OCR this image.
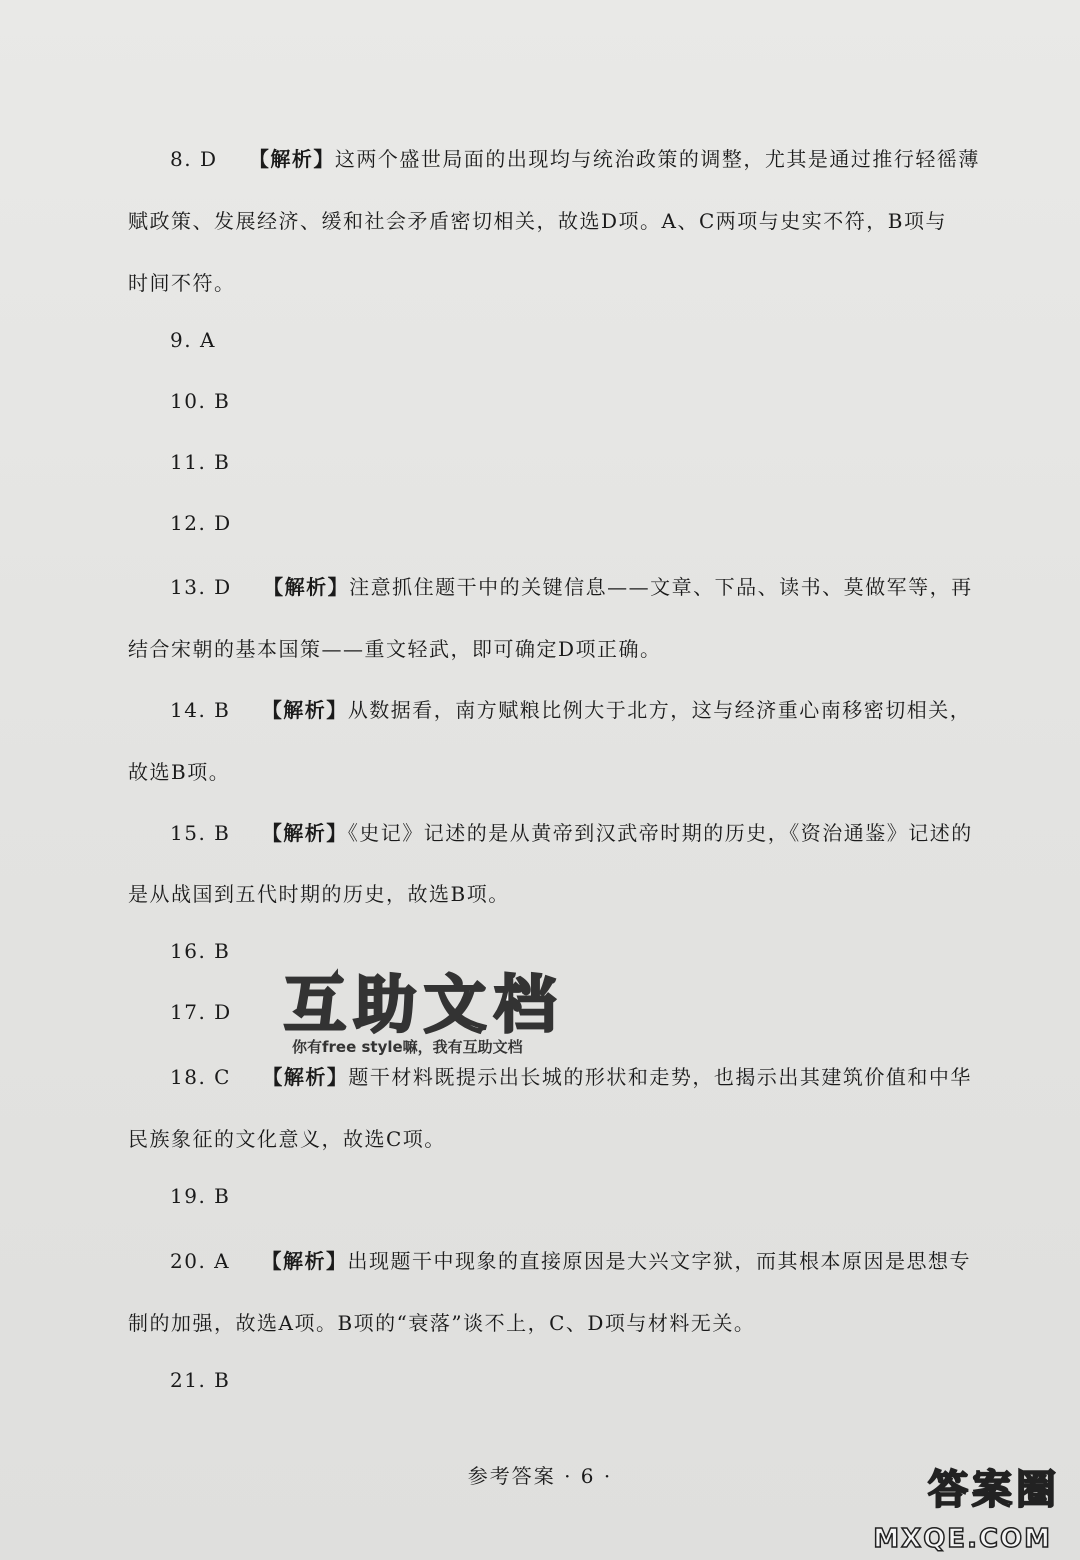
8. D 【解析】这两个盛世局面的出现均与统治政策的调整，尤其是通过推行轻徭薄
赋政策、发展经济、缓和社会矛盾密切相关，故选D项。A、C两项与史实不符，B项与
时间不符。
9. A
10. B
11. B
12. D
13. D 【解析】注意抓住题干中的关键信息——文章、下品、读书、莫做军等，再
结合宋朝的基本国策——重文轻武，即可确定D项正确。
14. B 【解析】从数据看，南方赋粮比例大于北方，这与经济重心南移密切相关，
故选B项。
15. B 【解析】《史记》记述的是从黄帝到汉武帝时期的历史，《资治通鉴》记述的
是从战国到五代时期的历史，故选B项。
16. B
17. D
18. C 【解析】题干材料既提示出长城的形状和走势，也揭示出其建筑价值和中华
民族象征的文化意义，故选C项。
19. B
20. A 【解析】出现题干中现象的直接原因是大兴文字狱，而其根本原因是思想专
制的加强，故选A项。B项的“衰落”谈不上，C、D项与材料无关。
21. B
参考答案 · 6 ·
互助文档
你有free style嘛，我有互助文档
答案圈
MXQE.COM
